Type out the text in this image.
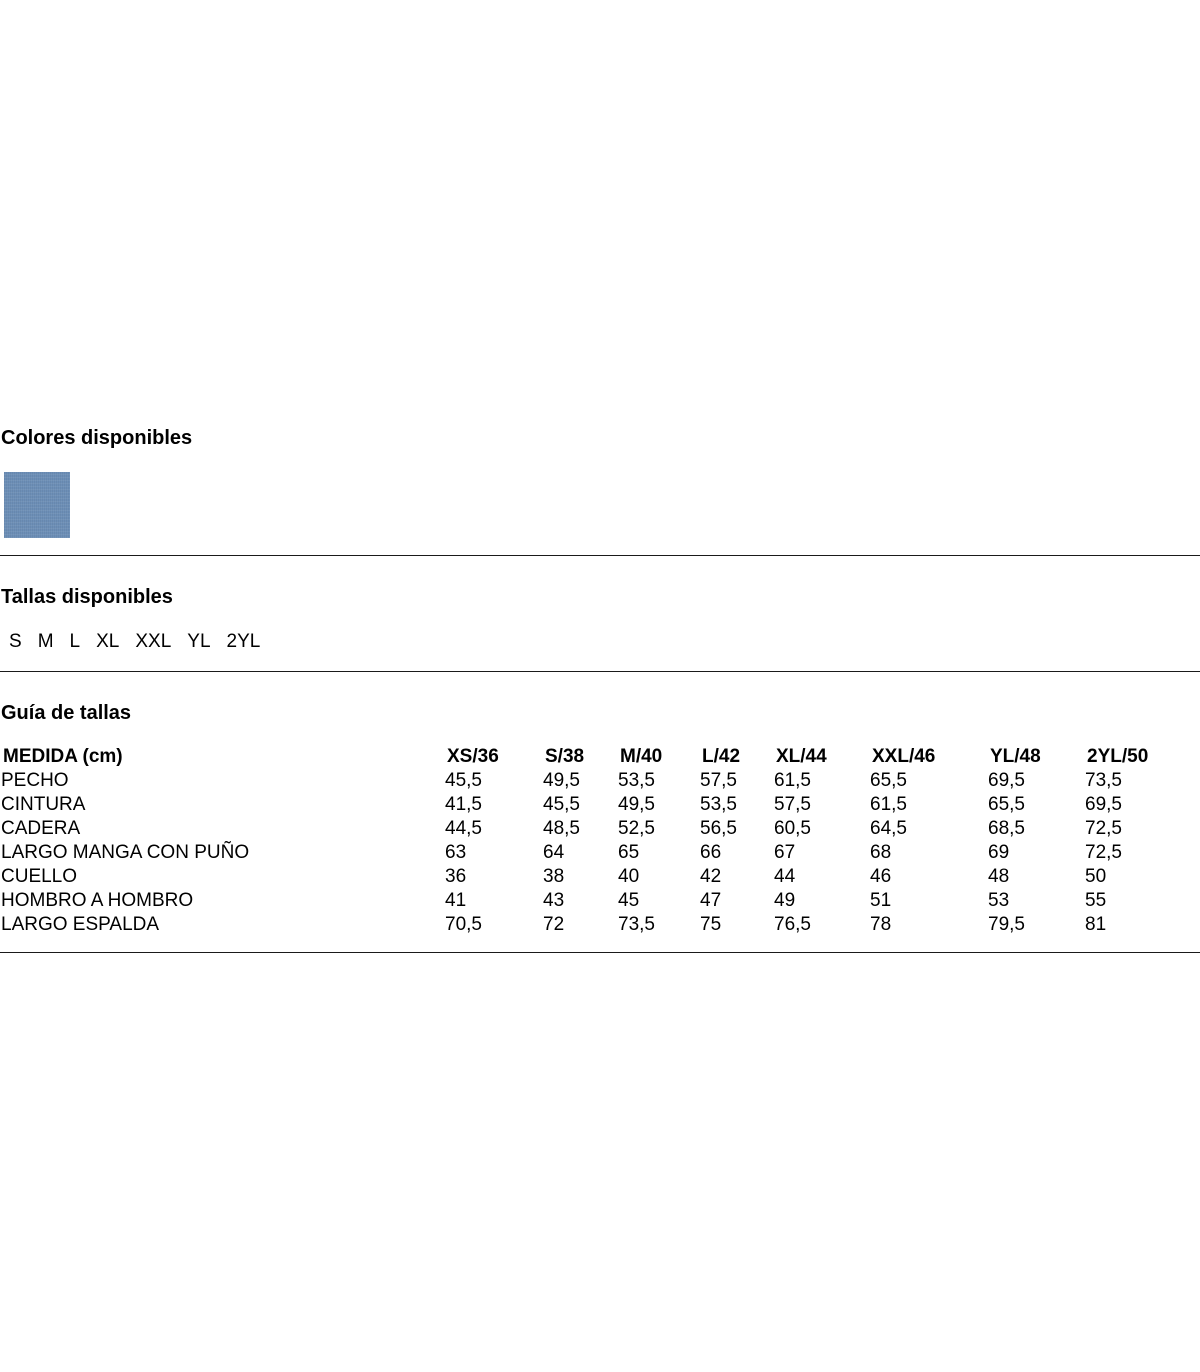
Colores disponibles
Tallas disponibles
S M L XL XXL YL 2YL
Guía de tallas
MEDIDA (cm)	XS/36 S/38 M/40 L/42 XL/44 XXL/46	YL/48 2YL/50
PECHO	45,5	49,5 53,5 57,5 61,5	65,5	69,5	73,5
CINTURA	41,5	45,5 49,5 53,5 57,5	61,5	65,5	69,5
CADERA	44,5	48,5 52,5 56,5 60,5	64,5	68,5	72,5
LARGO MANGA CON PUÑO	63	64	65	66	67	68	69	72,5
CUELLO	36	38	40	42	44	46	48	50
HOMBRO A HOMBRO	41	43	45	47	49	51	53	55
LARGO ESPALDA	70,5	72	73,5 75	76,5	78	79,5	81
